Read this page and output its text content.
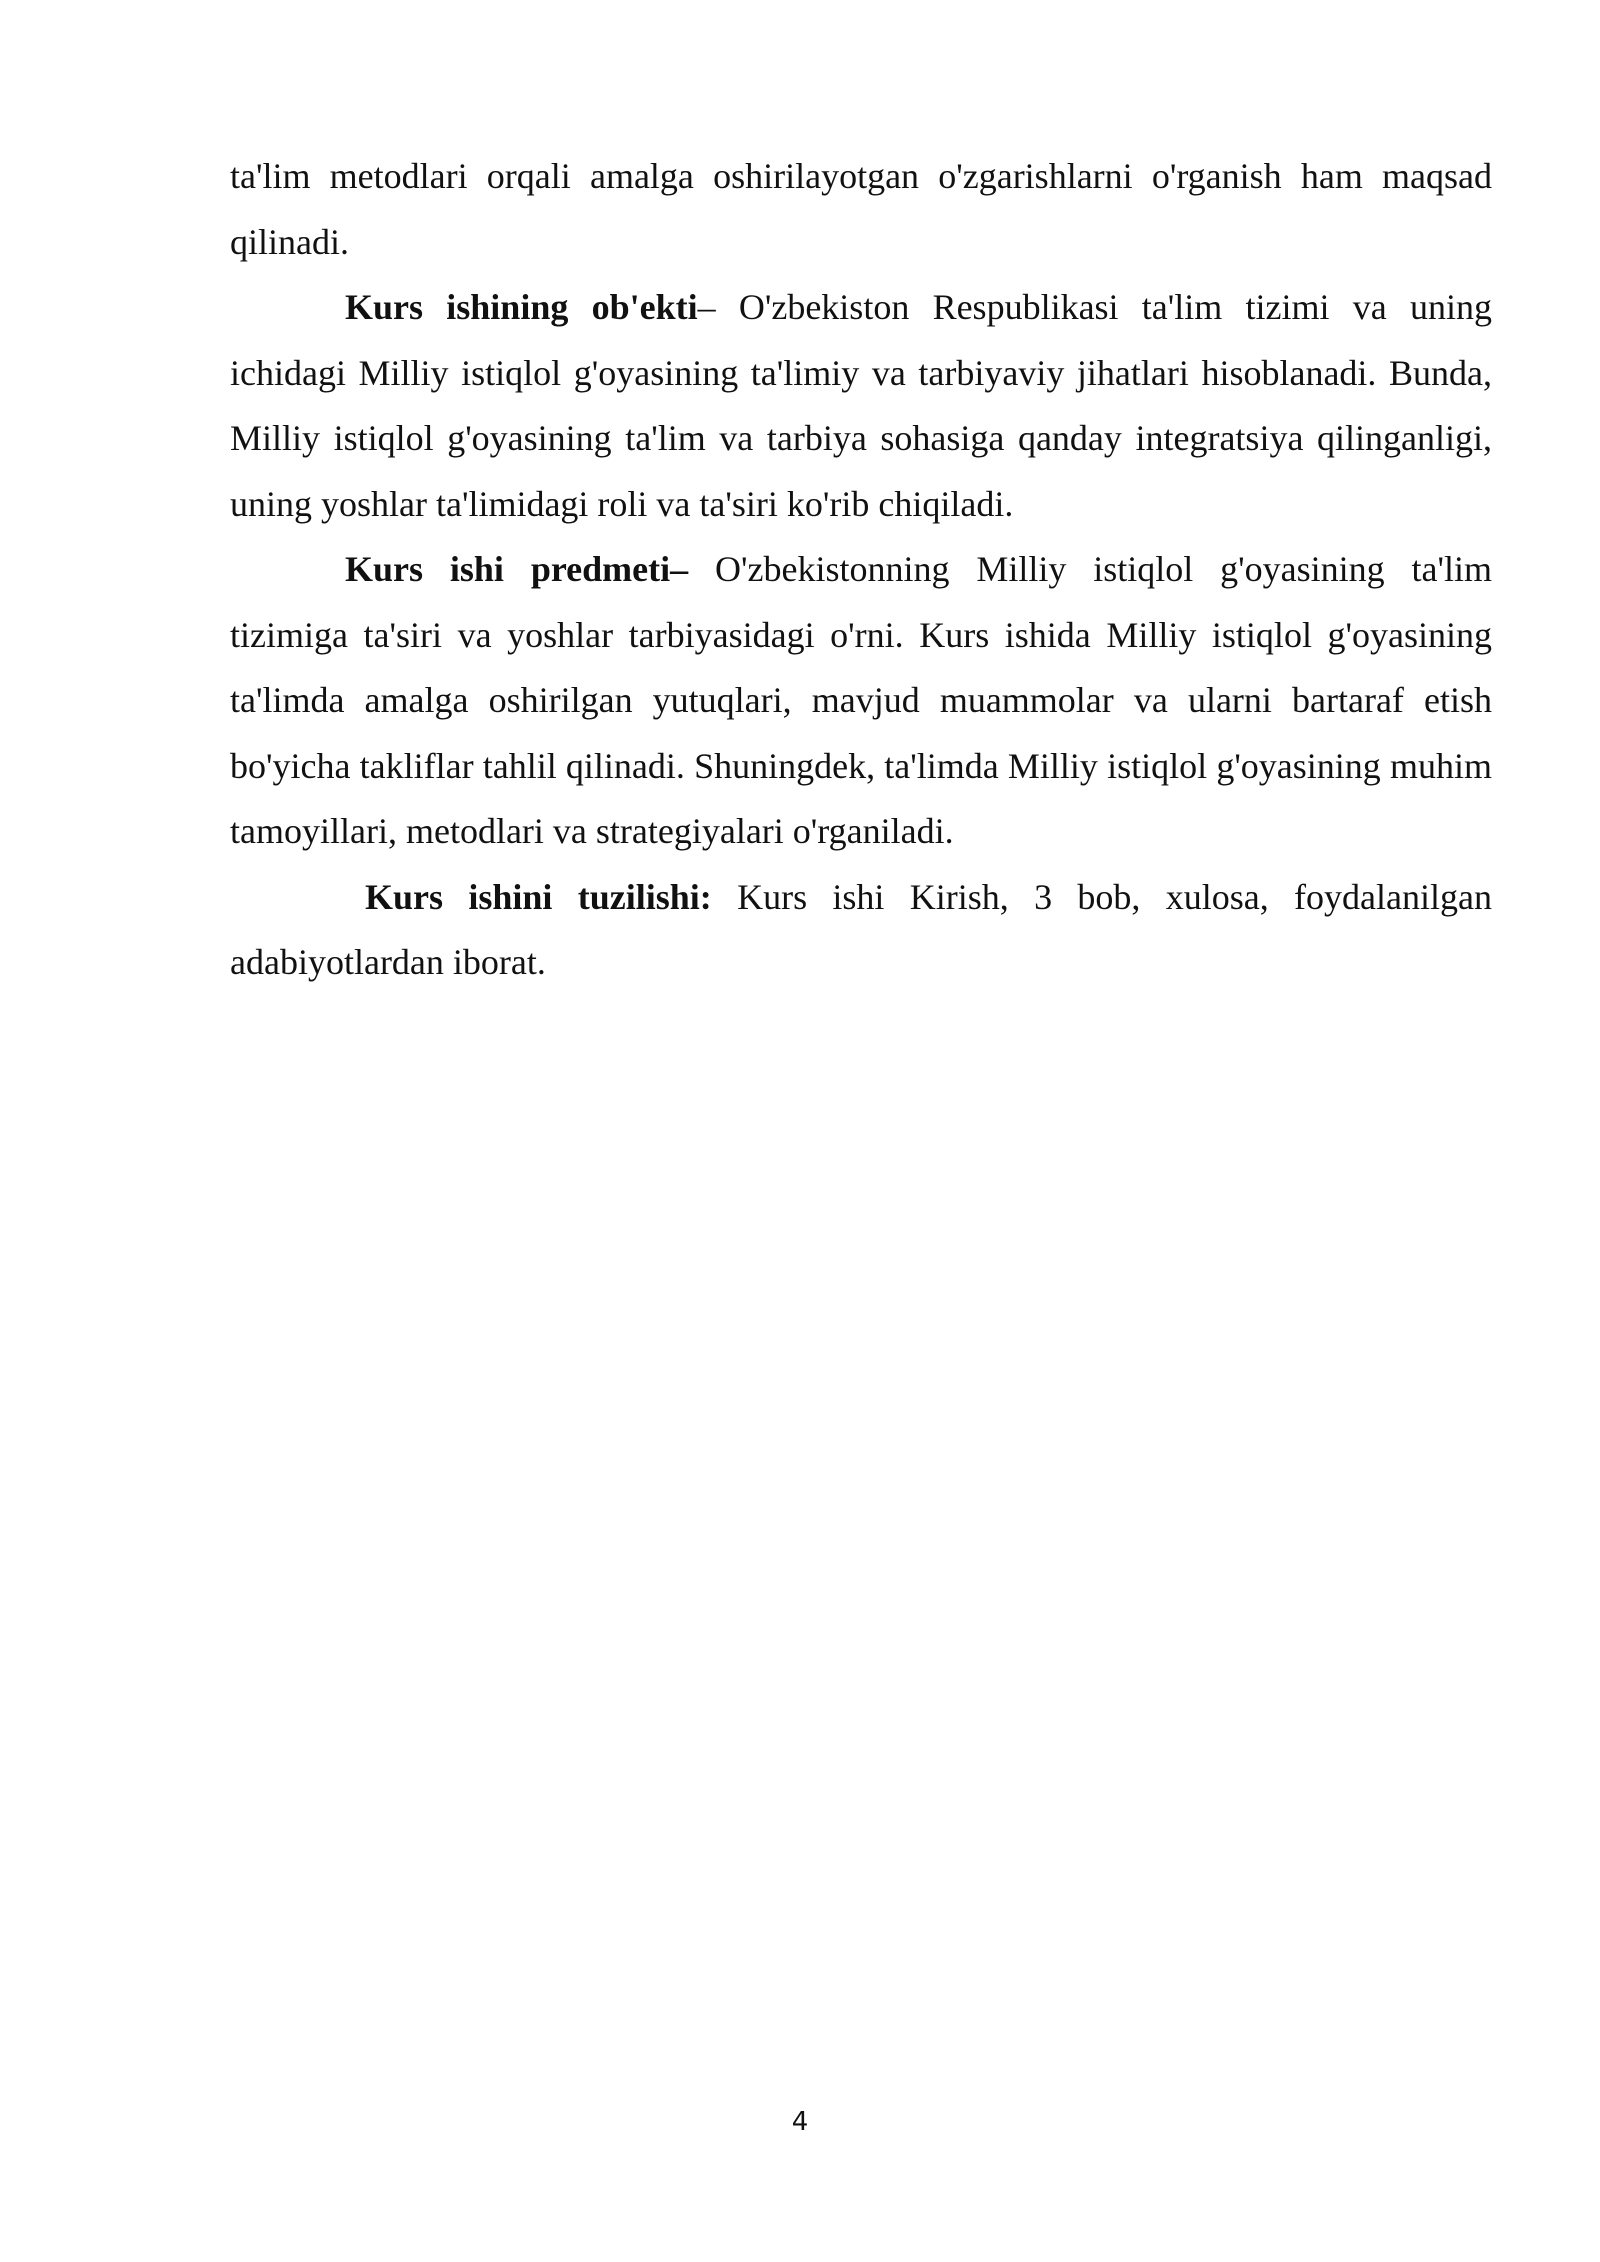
ta'lim metodlari orqali amalga oshirilayotgan o'zgarishlarni o'rganish ham maqsad qilinadi.

Kurs ishining ob'ekti– O'zbekiston Respublikasi ta'lim tizimi va uning ichidagi Milliy istiqlol g'oyasining ta'limiy va tarbiyaviy jihatlari hisoblanadi. Bunda, Milliy istiqlol g'oyasining ta'lim va tarbiya sohasiga qanday integratsiya qilinganligi, uning yoshlar ta'limidagi roli va ta'siri ko'rib chiqiladi.

Kurs ishi predmeti– O'zbekistonning Milliy istiqlol g'oyasining ta'lim tizimiga ta'siri va yoshlar tarbiyasidagi o'rni. Kurs ishida Milliy istiqlol g'oyasining ta'limda amalga oshirilgan yutuqlari, mavjud muammolar va ularni bartaraf etish bo'yicha takliflar tahlil qilinadi. Shuningdek, ta'limda Milliy istiqlol g'oyasining muhim tamoyillari, metodlari va strategiyalari o'rganiladi.

Kurs ishini tuzilishi: Kurs ishi Kirish, 3 bob, xulosa, foydalanilgan adabiyotlardan iborat.

4
